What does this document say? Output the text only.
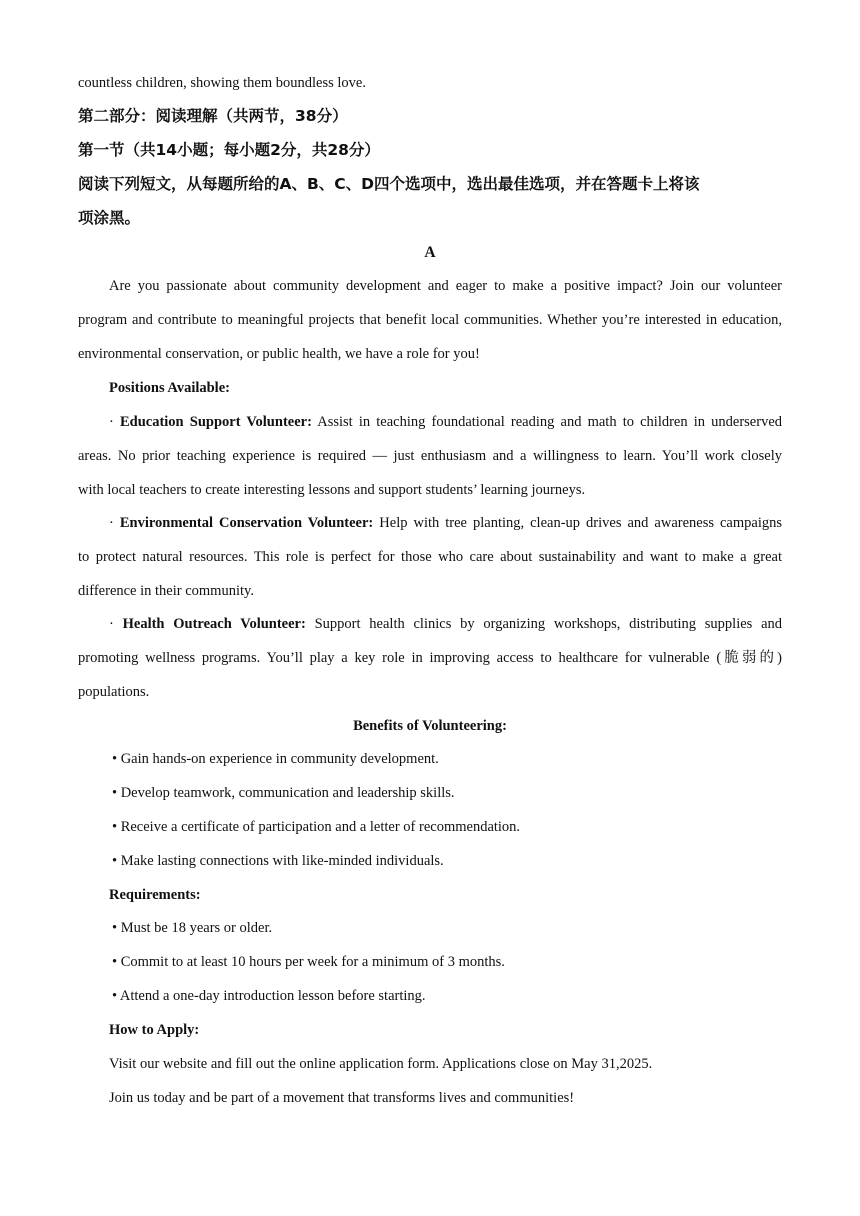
countless children, showing them boundless love.

第二部分：阅读理解（共两节，38分）

第一节（共14小题；每小题2分，共28分）

阅读下列短文，从每题所给的A、B、C、D四个选项中，选出最佳选项，并在答题卡上将该

项涂黑。

A

Are you passionate about community development and eager to make a positive impact? Join our volunteer

program and contribute to meaningful projects that benefit local communities. Whether you’re interested in education,

environmental conservation, or public health, we have a role for you!

Positions Available:

· Education Support Volunteer: Assist in teaching foundational reading and math to children in underserved

areas. No prior teaching experience is required — just enthusiasm and a willingness to learn. You’ll work closely

with local teachers to create interesting lessons and support students’ learning journeys.

· Environmental Conservation Volunteer: Help with tree planting, clean-up drives and awareness campaigns

to protect natural resources. This role is perfect for those who care about sustainability and want to make a great

difference in their community.

· Health Outreach Volunteer: Support health clinics by organizing workshops, distributing supplies and

promoting wellness programs. You’ll play a key role in improving access to healthcare for vulnerable (脆弱的)

populations.

Benefits of Volunteering:

• Gain hands-on experience in community development.

• Develop teamwork, communication and leadership skills.

• Receive a certificate of participation and a letter of recommendation.

• Make lasting connections with like-minded individuals.

Requirements:

• Must be 18 years or older.

• Commit to at least 10 hours per week for a minimum of 3 months.

• Attend a one-day introduction lesson before starting.

How to Apply:

Visit our website and fill out the online application form. Applications close on May 31,2025.

Join us today and be part of a movement that transforms lives and communities!
